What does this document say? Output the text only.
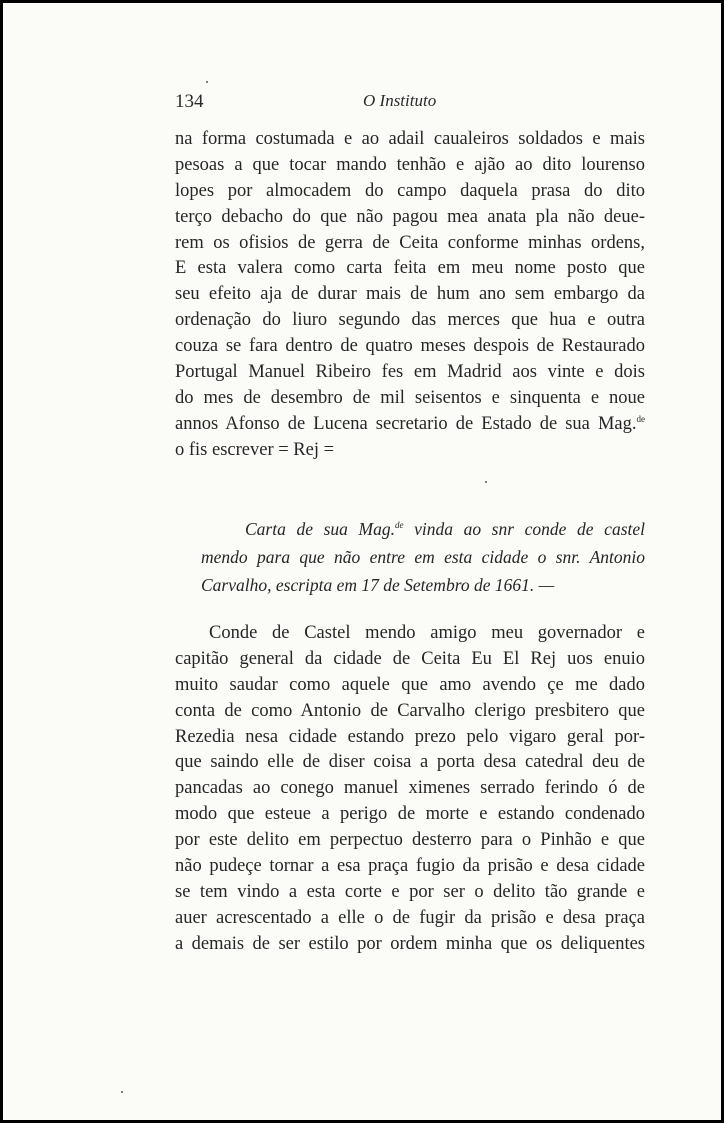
134	O Instituto
na forma costumada e ao adail caualeiros soldados e mais
pesoas a que tocar mando tenhão e ajão ao dito lourenso
lopes por almocadem do campo daquela prasa do dito
terço debacho do que não pagou mea anata pla não deue-
rem os ofisios de gerra de Ceita conforme minhas ordens,
E esta valera como carta feita em meu nome posto que
seu efeito aja de durar mais de hum ano sem embargo da
ordenação do liuro segundo das merces que hua e outra
couza se fara dentro de quatro meses despois de Restaurado
Portugal Manuel Ribeiro fes em Madrid aos vinte e dois
do mes de desembro de mil seisentos e sinquenta e noue
annos Afonso de Lucena secretario de Estado de sua Mag.$^{de}$
o fis escrever = Rej =
Carta de sua Mag.$^{de}$ vinda ao snr conde de castel
mendo para que não entre em esta cidade o snr. Antonio
Carvalho, escripta em 17 de Setembro de 1661. —
Conde de Castel mendo amigo meu governador e
capitão general da cidade de Ceita Eu El Rej uos enuio
muito saudar como aquele que amo avendo çe me dado
conta de como Antonio de Carvalho clerigo presbitero que
Rezedia nesa cidade estando prezo pelo vigaro geral por-
que saindo elle de diser coisa a porta desa catedral deu de
pancadas ao conego manuel ximenes serrado ferindo ó de
modo que esteue a perigo de morte e estando condenado
por este delito em perpectuo desterro para o Pinhão e que
não pudeçe tornar a esa praça fugio da prisão e desa cidade
se tem vindo a esta corte e por ser o delito tão grande e
auer acrescentado a elle o de fugir da prisão e desa praça
a demais de ser estilo por ordem minha que os deliquentes
